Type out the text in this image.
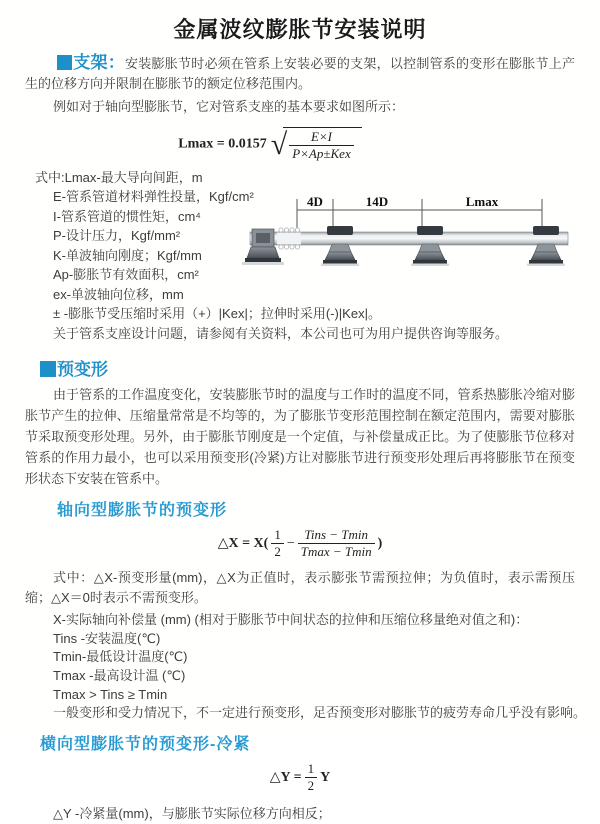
金属波纹膨胀节安装说明

支架：安装膨胀节时必须在管系上安装必要的支架，以控制管系的变形在膨胀节上产生的位移方向并限制在膨胀节的额定位移范围内。

例如对于轴向型膨胀节，它对管系支座的基本要求如图所示：

Lmax = 0.0157 √ $\frac{E\times I}{\text{P×Ap±Kex}}$
式中:Lmax-最大导向间距，m
E-管系管道材料弹性投量，Kgf/cm²
I-管系管道的惯性矩，cm⁴
P-设计压力，Kgf/mm²
K-单波轴向刚度；Kgf/mm
Ap-膨胀节有效面积，cm²
ex-单波轴向位移，mm
± -膨胀节受压缩时采用（+）|Kex|；拉伸时采用(-)|Kex|。
关于管系支座设计问题，请参阅有关资料，本公司也可为用户提供咨询等服务。
预变形

由于管系的工作温度变化，安装膨胀节时的温度与工作时的温度不同，管系热膨胀冷缩对膨胀节产生的拉伸、压缩量常常是不均等的，为了膨胀节变形范围控制在额定范围内，需要对膨胀节采取预变形处理。另外，由于膨胀节刚度是一个定值，与补偿量成正比。为了使膨胀节位移对管系的作用力最小，也可以采用预变形(冷紧)方让对膨胀节进行预变形处理后再将膨胀节在预变形状态下安装在管系中。

轴向型膨胀节的预变形
△X = $X( \frac{1}{2} - \frac{\text{Tins − Tmin}}{Tmax - Tmin}$ )

式中：△X-预变形量(mm)，△X为正值时，表示膨张节需预拉伸；为负值时，表示需预压缩；△X＝0时表示不需预变形。

X-实际轴向补偿量 (mm) (相对于膨胀节中间状态的拉伸和压缩位移量绝对值之和)：
Tins -安装温度(℃)
Tmin-最低设计温度(℃)
Tmax -最高设计温 (℃)
Tmax > Tins ≥ Tmin
一般变形和受力情况下，不一定进行预变形，足否预变形对膨胀节的疲劳寿命几乎没有影响。
横向型膨胀节的预变形-冷紧
△Y = $\frac{1}{2}$ Y

△Y -冷紧量(mm)，与膨胀节实际位移方向相反；

4D	14D	Lmax
